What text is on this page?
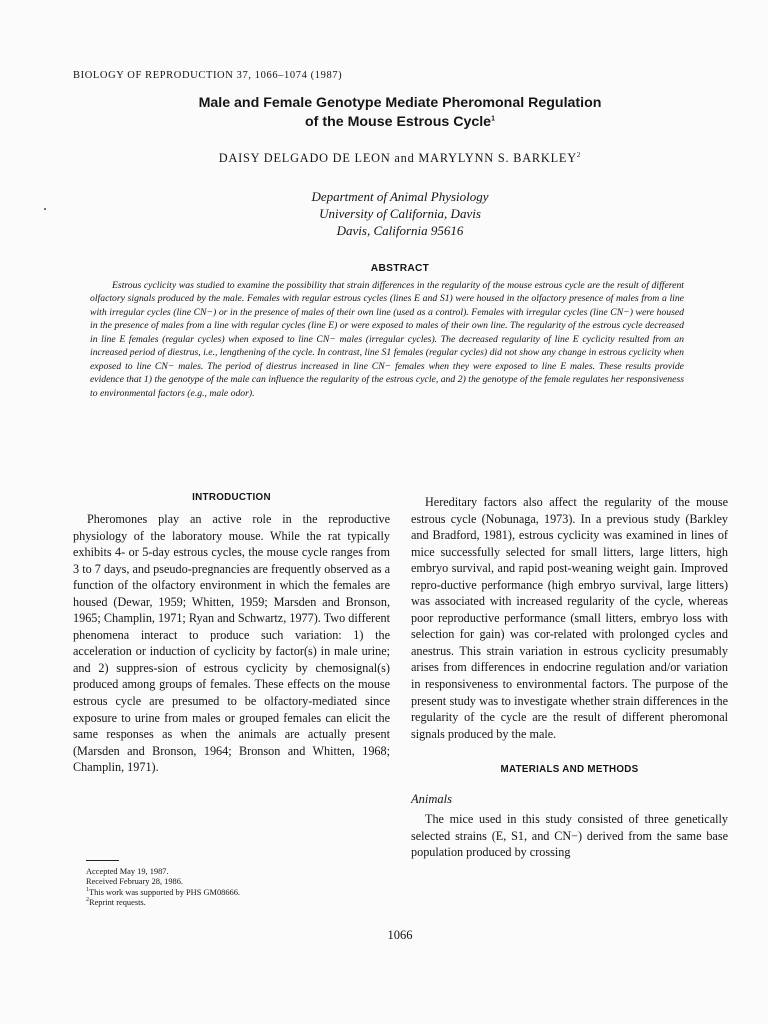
BIOLOGY OF REPRODUCTION 37, 1066–1074 (1987)
Male and Female Genotype Mediate Pheromonal Regulation
of the Mouse Estrous Cycle$^1$
DAISY DELGADO DE LEON and MARYLYNN S. BARKLEY$^2$
Department of Animal Physiology
University of California, Davis
Davis, California 95616
ABSTRACT
Estrous cyclicity was studied to examine the possibility that strain differences in the regularity of the mouse estrous cycle are the result of different olfactory signals produced by the male. Females with regular estrous cycles (lines E and S1) were housed in the olfactory presence of males from a line with irregular cycles (line CN−) or in the presence of males of their own line (used as a control). Females with irregular cycles (line CN−) were housed in the presence of males from a line with regular cycles (line E) or were exposed to males of their own line. The regularity of the estrous cycle decreased in line E females (regular cycles) when exposed to line CN− males (irregular cycles). The decreased regularity of line E cyclicity resulted from an increased period of diestrus, i.e., lengthening of the cycle. In contrast, line S1 females (regular cycles) did not show any change in estrous cyclicity when exposed to line CN− males. The period of diestrus increased in line CN− females when they were exposed to line E males. These results provide evidence that 1) the genotype of the male can influence the regularity of the estrous cycle, and 2) the genotype of the female regulates her responsiveness to environmental factors (e.g., male odor).
INTRODUCTION

Pheromones play an active role in the reproductive physiology of the laboratory mouse. While the rat typically exhibits 4- or 5-day estrous cycles, the mouse cycle ranges from 3 to 7 days, and pseudo-pregnancies are frequently observed as a function of the olfactory environment in which the females are housed (Dewar, 1959; Whitten, 1959; Marsden and Bronson, 1965; Champlin, 1971; Ryan and Schwartz, 1977). Two different phenomena interact to produce such variation: 1) the acceleration or induction of cyclicity by factor(s) in male urine; and 2) suppres-sion of estrous cyclicity by chemosignal(s) produced among groups of females. These effects on the mouse estrous cycle are presumed to be olfactory-mediated since exposure to urine from males or grouped females can elicit the same responses as when the animals are actually present (Marsden and Bronson, 1964; Bronson and Whitten, 1968; Champlin, 1971).

Hereditary factors also affect the regularity of the mouse estrous cycle (Nobunaga, 1973). In a previous study (Barkley and Bradford, 1981), estrous cyclicity was examined in lines of mice successfully selected for small litters, large litters, high embryo survival, and rapid post-weaning weight gain. Improved repro-ductive performance (high embryo survival, large litters) was associated with increased regularity of the cycle, whereas poor reproductive performance (small litters, embryo loss with selection for gain) was cor-related with prolonged cycles and anestrus. This strain variation in estrous cyclicity presumably arises from differences in endocrine regulation and/or variation in responsiveness to environmental factors. The purpose of the present study was to investigate whether strain differences in the regularity of the cycle are the result of different pheromonal signals produced by the male.

MATERIALS AND METHODS
Animals

The mice used in this study consisted of three genetically selected strains (E, S1, and CN−) derived from the same base population produced by crossing

Accepted May 19, 1987.
Received February 28, 1986.
$^1$This work was supported by PHS GM08666.
$^2$Reprint requests.
1066
